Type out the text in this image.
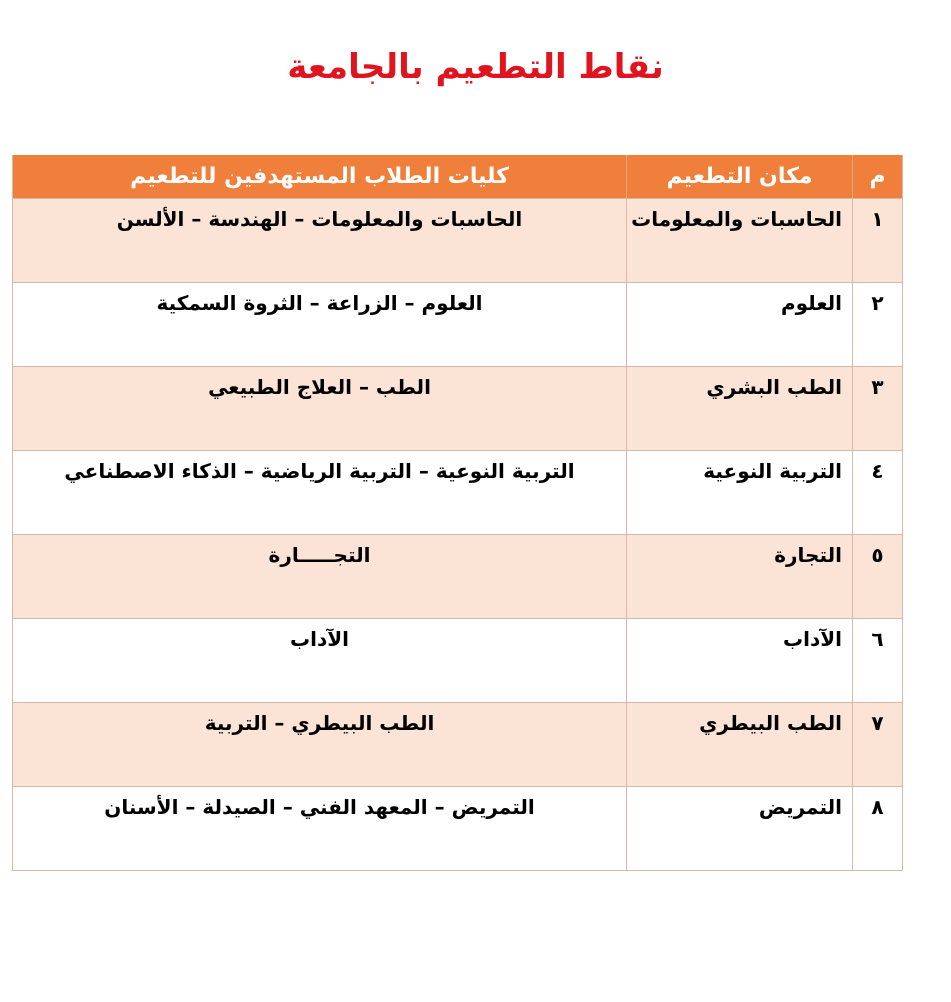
نقاط التطعيم بالجامعة
م
مكان التطعيم
كليات الطلاب المستهدفين للتطعيم
١
الحاسبات والمعلومات
الحاسبات والمعلومات – الهندسة – الألسن
٢
العلوم
العلوم – الزراعة – الثروة السمكية
٣
الطب البشري
الطب – العلاج الطبيعي
٤
التربية النوعية
التربية النوعية – التربية الرياضية – الذكاء الاصطناعي
٥
التجارة
التجـــــارة
٦
الآداب
الآداب
٧
الطب البيطري
الطب البيطري – التربية
٨
التمريض
التمريض – المعهد الفني – الصيدلة – الأسنان
